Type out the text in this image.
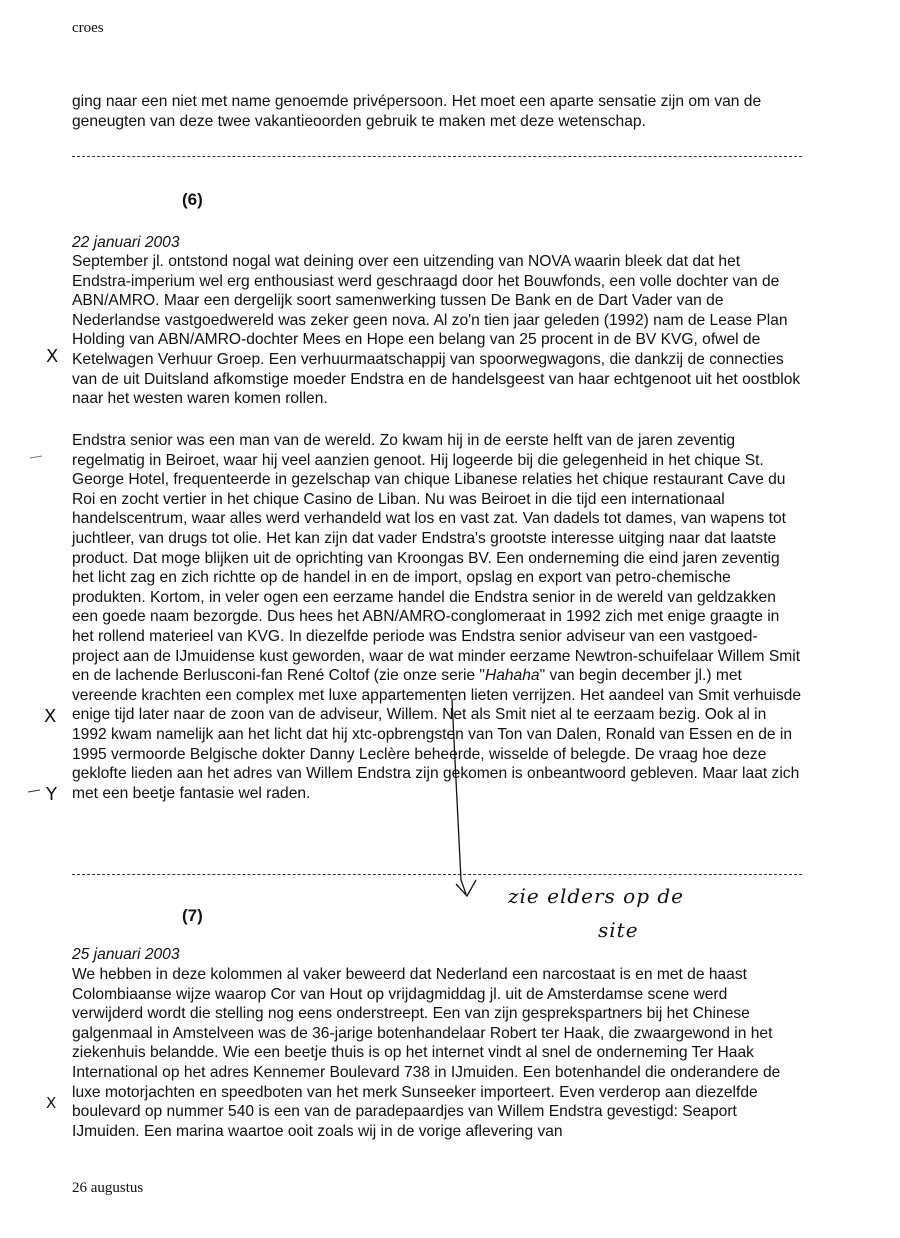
croes

ging naar een niet met name genoemde privépersoon. Het moet een aparte sensatie zijn om van de geneugten van deze twee vakantieoorden gebruik te maken met deze wetenschap.

(6)
22 januari 2003

September jl. ontstond nogal wat deining over een uitzending van NOVA waarin bleek dat dat het Endstra-imperium wel erg enthousiast werd geschraagd door het Bouwfonds, een volle dochter van de ABN/AMRO. Maar een dergelijk soort samenwerking tussen De Bank en de Dart Vader van de Nederlandse vastgoedwereld was zeker geen nova. Al zo'n tien jaar geleden (1992) nam de Lease Plan Holding van ABN/AMRO-dochter Mees en Hope een belang van 25 procent in de BV KVG, ofwel de Ketelwagen Verhuur Groep. Een verhuurmaatschappij van spoorwegwagons, die dankzij de connecties van de uit Duitsland afkomstige moeder Endstra en de handelsgeest van haar echtgenoot uit het oostblok naar het westen waren komen rollen.

Endstra senior was een man van de wereld. Zo kwam hij in de eerste helft van de jaren zeventig regelmatig in Beiroet, waar hij veel aanzien genoot. Hij logeerde bij die gelegenheid in het chique St. George Hotel, frequenteerde in gezelschap van chique Libanese relaties het chique restaurant Cave du Roi en zocht vertier in het chique Casino de Liban. Nu was Beiroet in die tijd een internationaal handelscentrum, waar alles werd verhandeld wat los en vast zat. Van dadels tot dames, van wapens tot juchtleer, van drugs tot olie. Het kan zijn dat vader Endstra's grootste interesse uitging naar dat laatste product. Dat moge blijken uit de oprichting van Kroongas BV. Een onderneming die eind jaren zeventig het licht zag en zich richtte op de handel in en de import, opslag en export van petro-chemische produkten. Kortom, in veler ogen een eerzame handel die Endstra senior in de wereld van geldzakken een goede naam bezorgde. Dus hees het ABN/AMRO-conglomeraat in 1992 zich met enige graagte in het rollend materieel van KVG. In diezelfde periode was Endstra senior adviseur van een vastgoed-project aan de IJmuidense kust geworden, waar de wat minder eerzame Newtron-schuifelaar Willem Smit en de lachende Berlusconi-fan René Coltof (zie onze serie "Hahaha" van begin december jl.) met vereende krachten een complex met luxe appartementen lieten verrijzen. Het aandeel van Smit verhuisde enige tijd later naar de zoon van de adviseur, Willem. Net als Smit niet al te eerzaam bezig. Ook al in 1992 kwam namelijk aan het licht dat hij xtc-opbrengsten van Ton van Dalen, Ronald van Essen en de in 1995 vermoorde Belgische dokter Danny Leclère beheerde, wisselde of belegde. De vraag hoe deze geklofte lieden aan het adres van Willem Endstra zijn gekomen is onbeantwoord gebleven. Maar laat zich met een beetje fantasie wel raden.

(7)
25 januari 2003

We hebben in deze kolommen al vaker beweerd dat Nederland een narcostaat is en met de haast Colombiaanse wijze waarop Cor van Hout op vrijdagmiddag jl. uit de Amsterdamse scene werd verwijderd wordt die stelling nog eens onderstreept. Een van zijn gesprekspartners bij het Chinese galgenmaal in Amstelveen was de 36-jarige botenhandelaar Robert ter Haak, die zwaargewond in het ziekenhuis belandde. Wie een beetje thuis is op het internet vindt al snel de onderneming Ter Haak International op het adres Kennemer Boulevard 738 in IJmuiden. Een botenhandel die onderandere de luxe motorjachten en speedboten van het merk Sunseeker importeert. Even verderop aan diezelfde boulevard op nummer 540 is een van de paradepaardjes van Willem Endstra gevestigd: Seaport IJmuiden. Een marina waartoe ooit zoals wij in de vorige aflevering van

X
X
Y
X
zie elders op de
site
26 augustus
